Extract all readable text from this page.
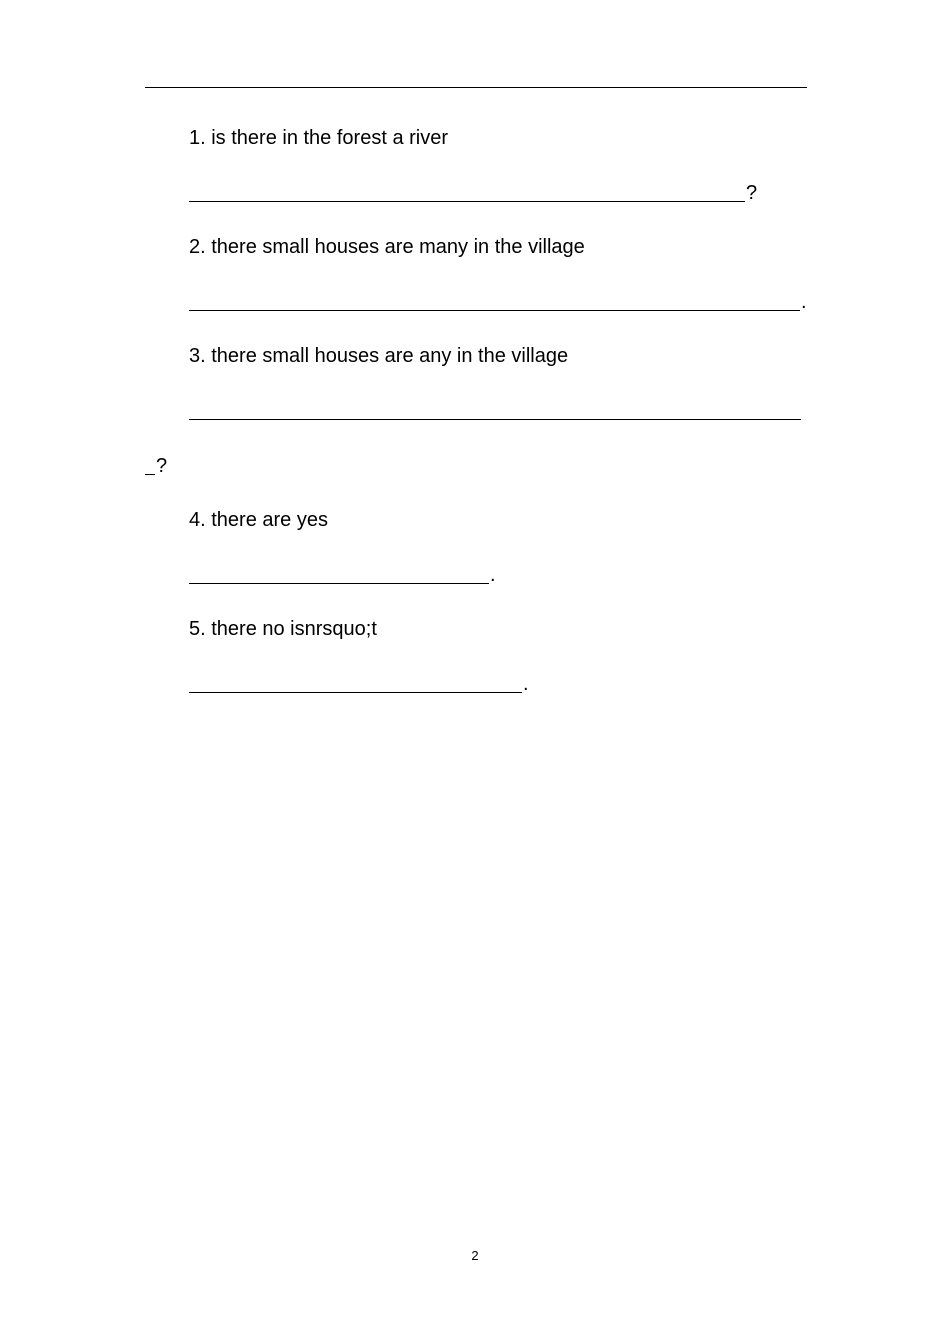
1. is there in the forest a river
?
2. there small houses are many in the village
.
3. there small houses are any in the village
?
4. there are yes
.
5. there no isnrsquo;t
.
2
